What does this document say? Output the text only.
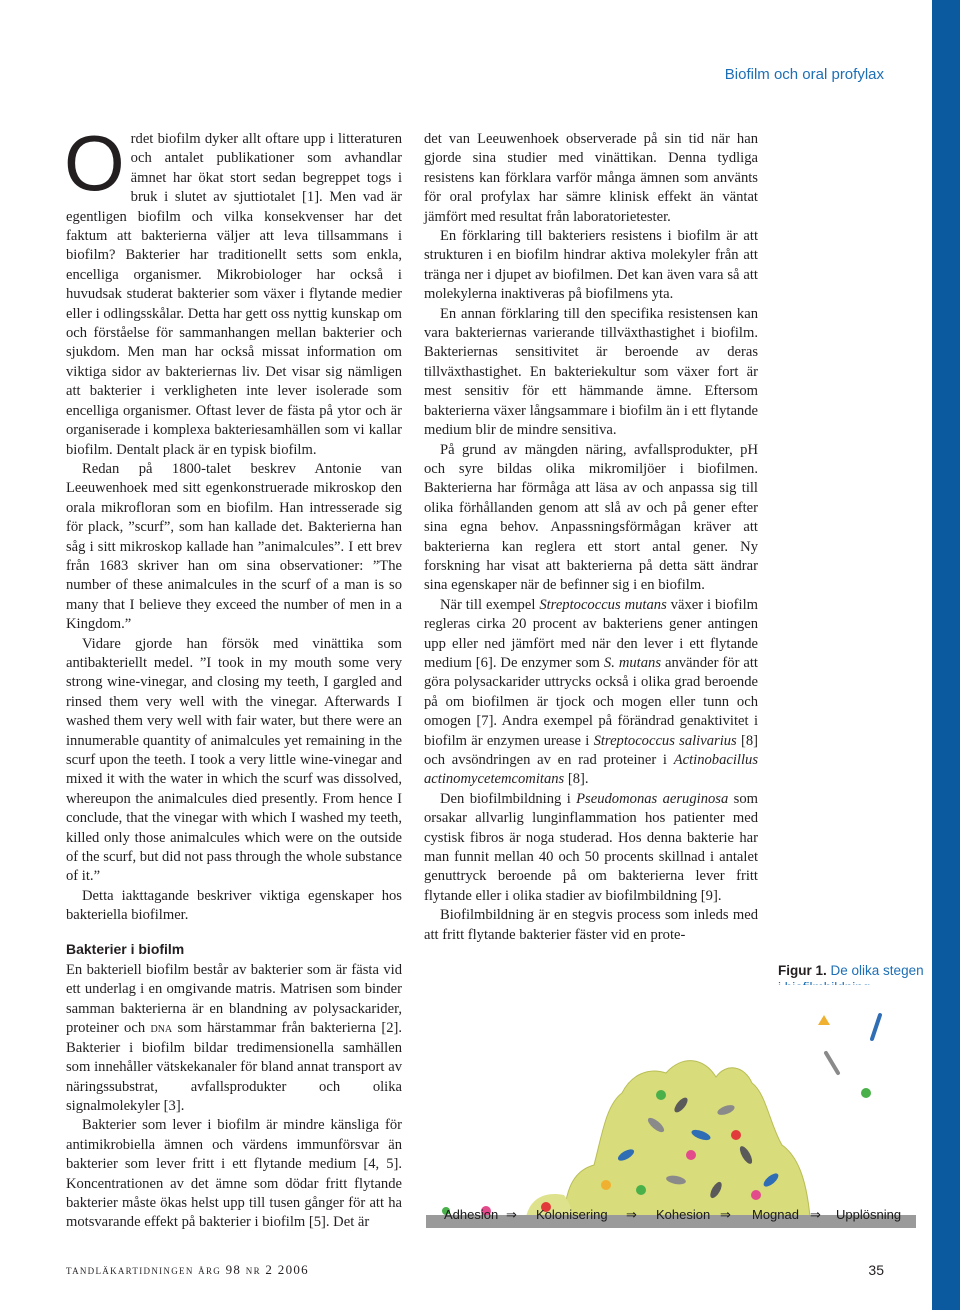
Biofilm och oral profylax

Ordet biofilm dyker allt oftare upp i litteraturen och antalet publikationer som avhandlar ämnet har ökat stort sedan begreppet togs i bruk i slutet av sjuttiotalet [1]. Men vad är egentligen biofilm och vilka konsekvenser har det faktum att bakterierna väljer att leva tillsammans i biofilm? Bakterier har traditionellt setts som enkla, encelliga organismer. Mikrobiologer har också i huvudsak studerat bakterier som växer i flytande medier eller i odlingsskålar. Detta har gett oss nyttig kunskap om och förståelse för sammanhangen mellan bakterier och sjukdom. Men man har också missat information om viktiga sidor av bakteriernas liv. Det visar sig nämligen att bakterier i verkligheten inte lever isolerade som encelliga organismer. Oftast lever de fästa på ytor och är organiserade i komplexa bakteriesamhällen som vi kallar biofilm. Dentalt plack är en typisk biofilm.

Redan på 1800-talet beskrev Antonie van Leeuwenhoek med sitt egenkonstruerade mikroskop den orala mikrofloran som en biofilm. Han intresserade sig för plack, ”scurf”, som han kallade det. Bakterierna han såg i sitt mikroskop kallade han ”animalcules”. I ett brev från 1683 skriver han om sina observationer: ”The number of these animalcules in the scurf of a man is so many that I believe they exceed the number of men in a Kingdom.”

Vidare gjorde han försök med vinättika som antibakteriellt medel. ”I took in my mouth some very strong wine-vinegar, and closing my teeth, I gargled and rinsed them very well with the vinegar. Afterwards I washed them very well with fair water, but there were an innumerable quantity of animalcules yet remaining in the scurf upon the teeth. I took a very little wine-vinegar and mixed it with the water in which the scurf was dissolved, whereupon the animalcules died presently. From hence I conclude, that the vinegar with which I washed my teeth, killed only those animalcules which were on the outside of the scurf, but did not pass through the whole substance of it.”

Detta iakttagande beskriver viktiga egenskaper hos bakteriella biofilmer.

Bakterier i biofilm

En bakteriell biofilm består av bakterier som är fästa vid ett underlag i en omgivande matris. Matrisen som binder samman bakterierna är en blandning av polysackarider, proteiner och dna som härstammar från bakterierna [2]. Bakterier i biofilm bildar tredimensionella samhällen som innehåller vätskekanaler för bland annat transport av näringssubstrat, avfallsprodukter och olika signalmolekyler [3].

Bakterier som lever i biofilm är mindre känsliga för antimikrobiella ämnen och värdens immunförsvar än bakterier som lever fritt i ett flytande medium [4, 5]. Koncentrationen av det ämne som dödar fritt flytande bakterier måste ökas helst upp till tusen gånger för att ha motsvarande effekt på bakterier i biofilm [5]. Det är

det van Leeuwenhoek observerade på sin tid när han gjorde sina studier med vinättikan. Denna tydliga resistens kan förklara varför många ämnen som använts för oral profylax har sämre klinisk effekt än väntat jämfört med resultat från laboratorietester.

En förklaring till bakteriers resistens i biofilm är att strukturen i en biofilm hindrar aktiva molekyler från att tränga ner i djupet av biofilmen. Det kan även vara så att molekylerna inaktiveras på biofilmens yta.

En annan förklaring till den specifika resistensen kan vara bakteriernas varierande tillväxthastighet i biofilm. Bakteriernas sensitivitet är beroende av deras tillväxthastighet. En bakteriekultur som växer fort är mest sensitiv för ett hämmande ämne. Eftersom bakterierna växer långsammare i biofilm än i ett flytande medium blir de mindre sensitiva.

På grund av mängden näring, avfallsprodukter, pH och syre bildas olika mikromiljöer i biofilmen. Bakterierna har förmåga att läsa av och anpassa sig till olika förhållanden genom att slå av och på gener efter sina egna behov. Anpassningsförmågan kräver att bakterierna kan reglera ett stort antal gener. Ny forskning har visat att bakterierna på detta sätt ändrar sina egenskaper när de befinner sig i en biofilm.

När till exempel Streptococcus mutans växer i biofilm regleras cirka 20 procent av bakteriens gener antingen upp eller ned jämfört med när den lever i ett flytande medium [6]. De enzymer som S. mutans använder för att göra polysackarider uttrycks också i olika grad beroende på om biofilmen är tjock och mogen eller tunn och omogen [7]. Andra exempel på förändrad genaktivitet i biofilm är enzymen urease i Streptococcus salivarius [8] och avsöndringen av en rad proteiner i Actinobacillus actinomycetemcomitans [8].

Den biofilmbildning i Pseudomonas aeruginosa som orsakar allvarlig lunginflammation hos patienter med cystisk fibros är noga studerad. Hos denna bakterie har man funnit mellan 40 och 50 procents skillnad i antalet genuttryck beroende på om bakterierna lever fritt flytande eller i olika stadier av biofilmbildning [9].

Biofilmbildning är en stegvis process som inleds med att fritt flytande bakterier fäster vid en prote-

Figur 1. De olika stegen
Adhesion ⇒ Kolonisering ⇒ Kohesion ⇒ Mognad ⇒ Upplösning
tandläkartidningen årg 98 nr 2 2006	35
